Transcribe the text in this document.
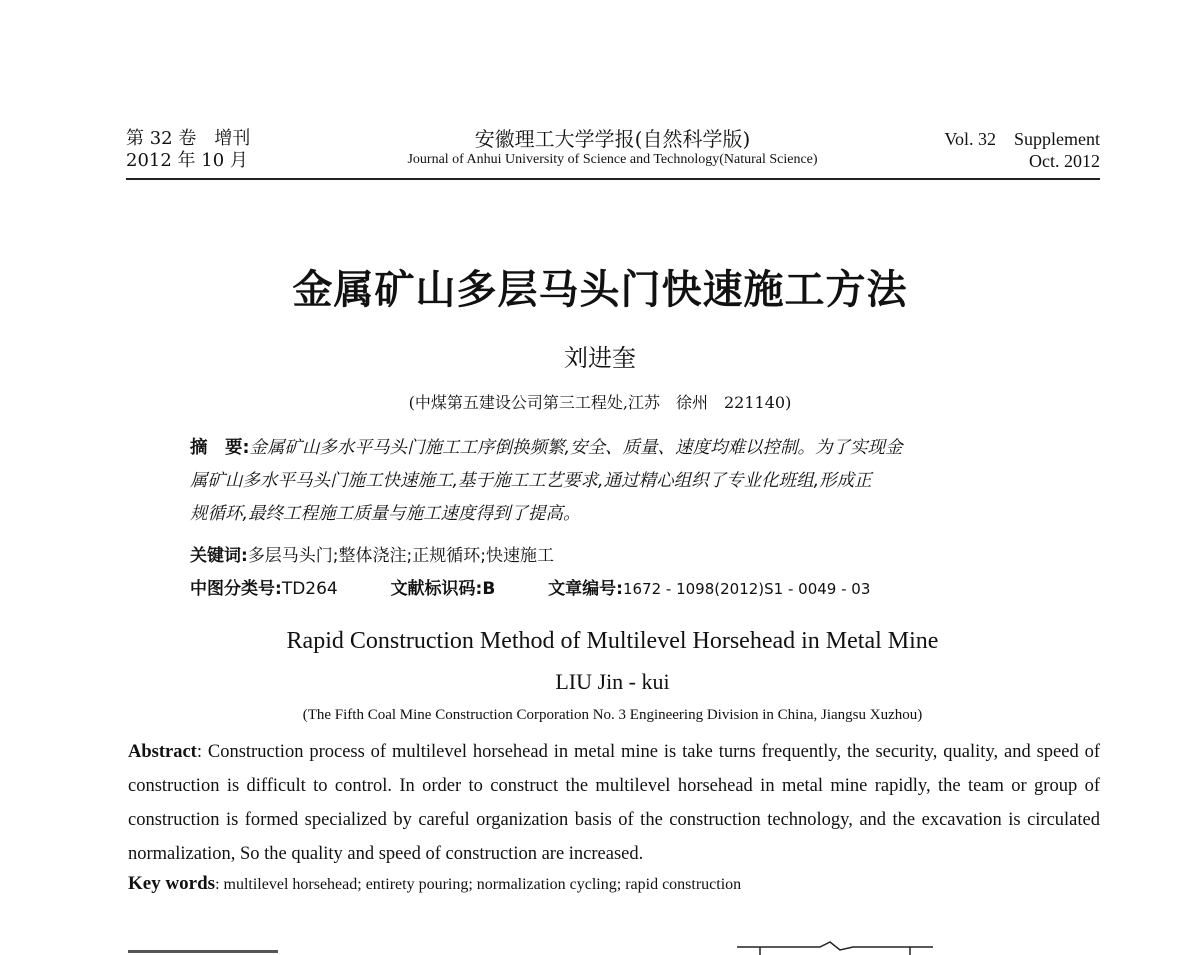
第 32 卷　增刊
2012 年 10 月
安徽理工大学学报(自然科学版)
Journal of Anhui University of Science and Technology(Natural Science)
Vol. 32　Supplement
Oct. 2012
金属矿山多层马头门快速施工方法
刘进奎
(中煤第五建设公司第三工程处,江苏　徐州　221140)
摘　要:金属矿山多水平马头门施工工序倒换频繁,安全、质量、速度均难以控制。为了实现金
属矿山多水平马头门施工快速施工,基于施工工艺要求,通过精心组织了专业化班组,形成正
规循环,最终工程施工质量与施工速度得到了提高。
关键词:多层马头门;整体浇注;正规循环;快速施工
中图分类号:TD264	文献标识码:B	文章编号:1672 - 1098(2012)S1 - 0049 - 03
Rapid Construction Method of Multilevel Horsehead in Metal Mine
LIU Jin - kui
(The Fifth Coal Mine Construction Corporation No. 3 Engineering Division in China, Jiangsu Xuzhou)
Abstract: Construction process of multilevel horsehead in metal mine is take turns frequently, the security, quality, and speed of construction is difficult to control. In order to construct the multilevel horsehead in metal mine rapidly, the team or group of construction is formed specialized by careful organization basis of the construction technology, and the excavation is circulated normalization, So the quality and speed of construction are increased.
Key words: multilevel horsehead; entirety pouring; normalization cycling; rapid construction
